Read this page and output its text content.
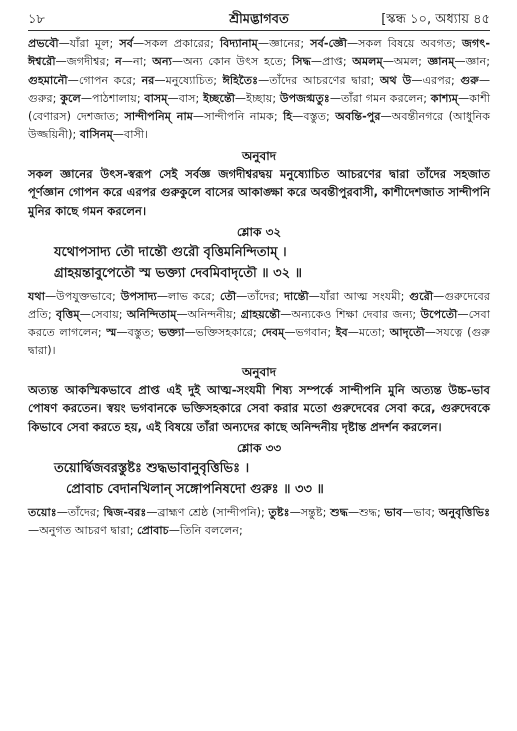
১৮	শ্রীমদ্ভাগবত	[স্কন্ধ ১০, অধ্যায় ৪৫

প্রভবৌ—যাঁরা মূল; সর্ব—সকল প্রকারের; বিদ্যানাম্—জ্ঞানের; সর্ব-জ্ঞৌ—সকল বিষয়ে অবগত; জগৎ-ঈশ্বরৌ—জগদীশ্বর; ন—না; অন্য—অন্য কোন উৎস হতে; সিদ্ধ—প্রাপ্ত; অমলম্—অমল; জ্ঞানম্—জ্ঞান; গুহমানৌ—গোপন করে; নর—মনুষ্যোচিত; ঈহিতৈঃ—তাঁদের আচরণের দ্বারা; অথ উ—এরপর; গুরু—গুরুর; কুলে—পাঠশালায়; বাসম্—বাস; ইচ্ছন্তৌ—ইচ্ছায়; উপজগ্মতুঃ—তাঁরা গমন করলেন; কাশ্যম্—কাশী (বেণারস) দেশজাত; সান্দীপনিম্ নাম—সান্দীপনি নামক; হি—বস্তুত; অবন্তি-পুর—অবন্তীনগরে (আধুনিক উজ্জয়িনী); বাসিনম্—বাসী।

অনুবাদ

সকল জ্ঞানের উৎস-স্বরূপ সেই সর্বজ্ঞ জগদীশ্বরদ্বয় মনুষ্যোচিত আচরণের দ্বারা তাঁদের সহজাত পূর্ণজ্ঞান গোপন করে এরপর গুরুকুলে বাসের আকাঙ্ক্ষা করে অবন্তীপুরবাসী, কাশীদেশজাত সান্দীপনি মুনির কাছে গমন করলেন।

শ্লোক ৩২
যথোপসাদ্য তৌ দান্তৌ গুরৌ বৃত্তিমনিন্দিতাম্ ।
গ্রাহয়ন্তাবুপেতৌ স্ম ভক্ত্যা দেবমিবাদৃতৌ ॥ ৩২ ॥

যথা—উপযুক্তভাবে; উপসাদ্য—লাভ করে; তৌ—তাঁদের; দান্তৌ—যাঁরা আত্ম সংযমী; গুরৌ—গুরুদেবের প্রতি; বৃত্তিম্—সেবায়; অনিন্দিতাম্—অনিন্দনীয়; গ্রাহয়ন্তৌ—অন্যকেও শিক্ষা দেবার জন্য; উপেতৌ—সেবা করতে লাগলেন; স্ম—বস্তুত; ভক্ত্যা—ভক্তিসহকারে; দেবম্—ভগবান; ইব—মতো; আদৃতৌ—সযত্নে (গুরু দ্বারা)।

অনুবাদ

অত্যন্ত আকস্মিকভাবে প্রাপ্ত এই দুই আত্ম-সংযমী শিষ্য সম্পর্কে সান্দীপনি মুনি অত্যন্ত উচ্চ-ভাব পোষণ করতেন। স্বয়ং ভগবানকে ভক্তিসহকারে সেবা করার মতো গুরুদেবের সেবা করে, গুরুদেবকে কিভাবে সেবা করতে হয়, এই বিষয়ে তাঁরা অন্যদের কাছে অনিন্দনীয় দৃষ্টান্ত প্রদর্শন করলেন।

শ্লোক ৩৩
তয়োর্দ্বিজবরস্তুষ্টঃ শুদ্ধভাবানুবৃত্তিভিঃ ।
প্রোবাচ বেদানখিলান্ সঙ্গোপনিষদো গুরুঃ ॥ ৩৩ ॥

তয়োঃ—তাঁদের; দ্বিজ-বরঃ—ব্রাহ্মণ শ্রেষ্ঠ (সান্দীপনি); তুষ্টঃ—সন্তুষ্ট; শুদ্ধ—শুদ্ধ; ভাব—ভাব; অনুবৃত্তিভিঃ—অনুগত আচরণ দ্বারা; প্রোবাচ—তিনি বললেন;
